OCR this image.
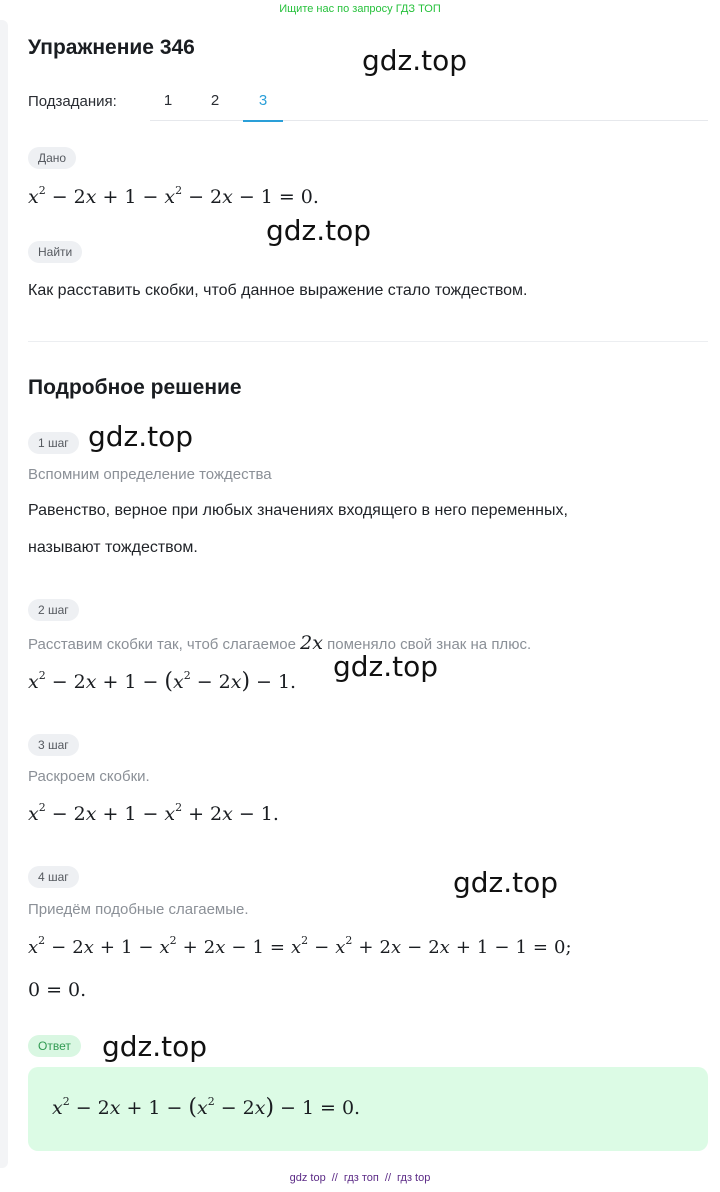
Ищите нас по запросу ГДЗ ТОП
Упражнение 346	gdz.top
Подзадания:	1	2	3
Дано
$x^2 - 2x + 1 - x^2 - 2x - 1 = 0$.
Найти
gdz.top
Как расставить скобки, чтоб данное выражение стало тождеством.
Подробное решение
1 шаг gdz.top
Вспомним определение тождества
Равенство, верное при любых значениях входящего в него переменных,
называют тождеством.
2 шаг
Расставим скобки так, чтоб слагаемое 2x поменяло свой знак на плюс.
gdz.top
$x^2 - 2x + 1 - (x^2 - 2x) - 1$.
3 шаг
Раскроем скобки.
$x^2 - 2x + 1 - x^2 + 2x - 1$.
4 шаг	gdz.top
Приедём подобные слагаемые.
$x^2 - 2x + 1 - x^2 + 2x - 1 = x^2 - x^2 + 2x - 2x + 1 - 1 = 0$;
0 = 0.
Ответ	gdz.top
$x^2 - 2x + 1 - (x^2 - 2x) - 1 = 0$.
gdz top // гдз топ // гдз top
